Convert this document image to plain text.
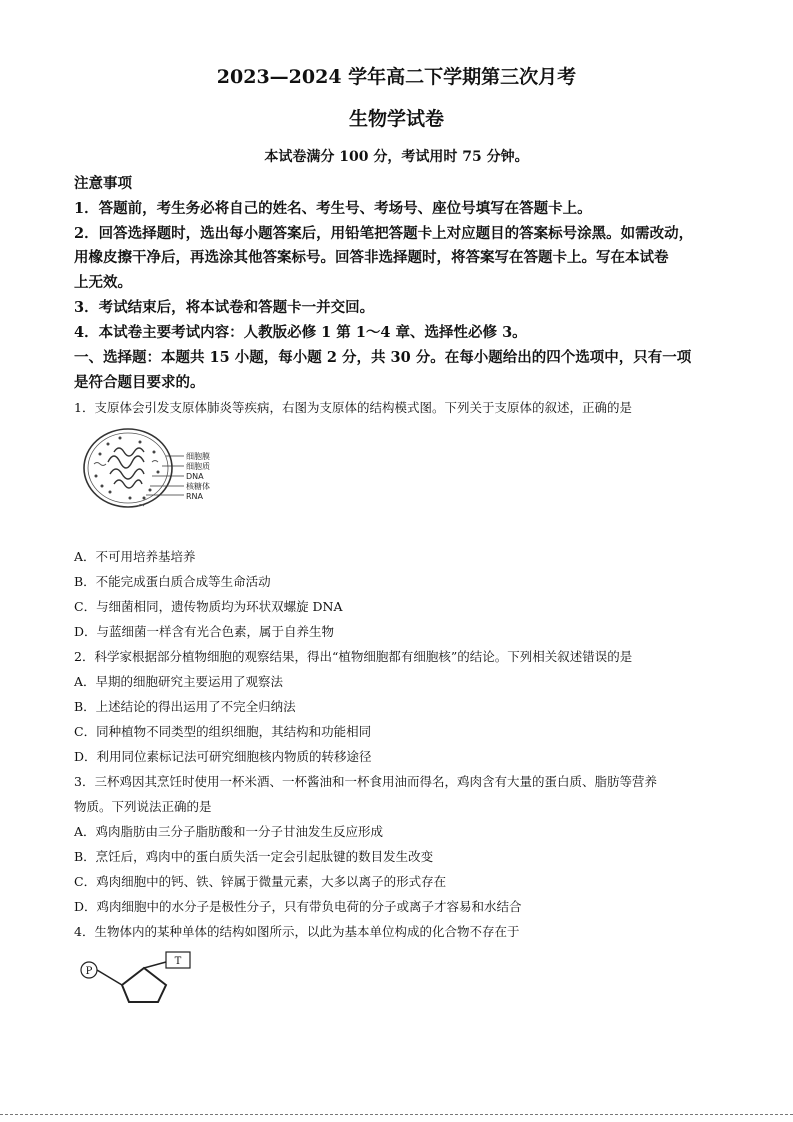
2023—2024 学年高二下学期第三次月考
生物学试卷
本试卷满分 100 分，考试用时 75 分钟。
注意事项
1．答题前，考生务必将自己的姓名、考生号、考场号、座位号填写在答题卡上。
2．回答选择题时，选出每小题答案后，用铅笔把答题卡上对应题目的答案标号涂黑。如需改动，
用橡皮擦干净后，再选涂其他答案标号。回答非选择题时，将答案写在答题卡上。写在本试卷
上无效。
3．考试结束后，将本试卷和答题卡一并交回。
4．本试卷主要考试内容：人教版必修 1 第 1～4 章、选择性必修 3。
一、选择题：本题共 15 小题，每小题 2 分，共 30 分。在每小题给出的四个选项中，只有一项
是符合题目要求的。
1．支原体会引发支原体肺炎等疾病，右图为支原体的结构模式图。下列关于支原体的叙述，正确的是
细胞膜
细胞质
DNA
核糖体
RNA
A．不可用培养基培养
B．不能完成蛋白质合成等生命活动
C．与细菌相同，遗传物质均为环状双螺旋 DNA
D．与蓝细菌一样含有光合色素，属于自养生物
2．科学家根据部分植物细胞的观察结果，得出“植物细胞都有细胞核”的结论。下列相关叙述错误的是
A．早期的细胞研究主要运用了观察法
B．上述结论的得出运用了不完全归纳法
C．同种植物不同类型的组织细胞，其结构和功能相同
D．利用同位素标记法可研究细胞核内物质的转移途径
3．三杯鸡因其烹饪时使用一杯米酒、一杯酱油和一杯食用油而得名，鸡肉含有大量的蛋白质、脂肪等营养
物质。下列说法正确的是
A．鸡肉脂肪由三分子脂肪酸和一分子甘油发生反应形成
B．烹饪后，鸡肉中的蛋白质失活一定会引起肽键的数目发生改变
C．鸡肉细胞中的钙、铁、锌属于微量元素，大多以离子的形式存在
D．鸡肉细胞中的水分子是极性分子，只有带负电荷的分子或离子才容易和水结合
4．生物体内的某种单体的结构如图所示，以此为基本单位构成的化合物不存在于
P
T
